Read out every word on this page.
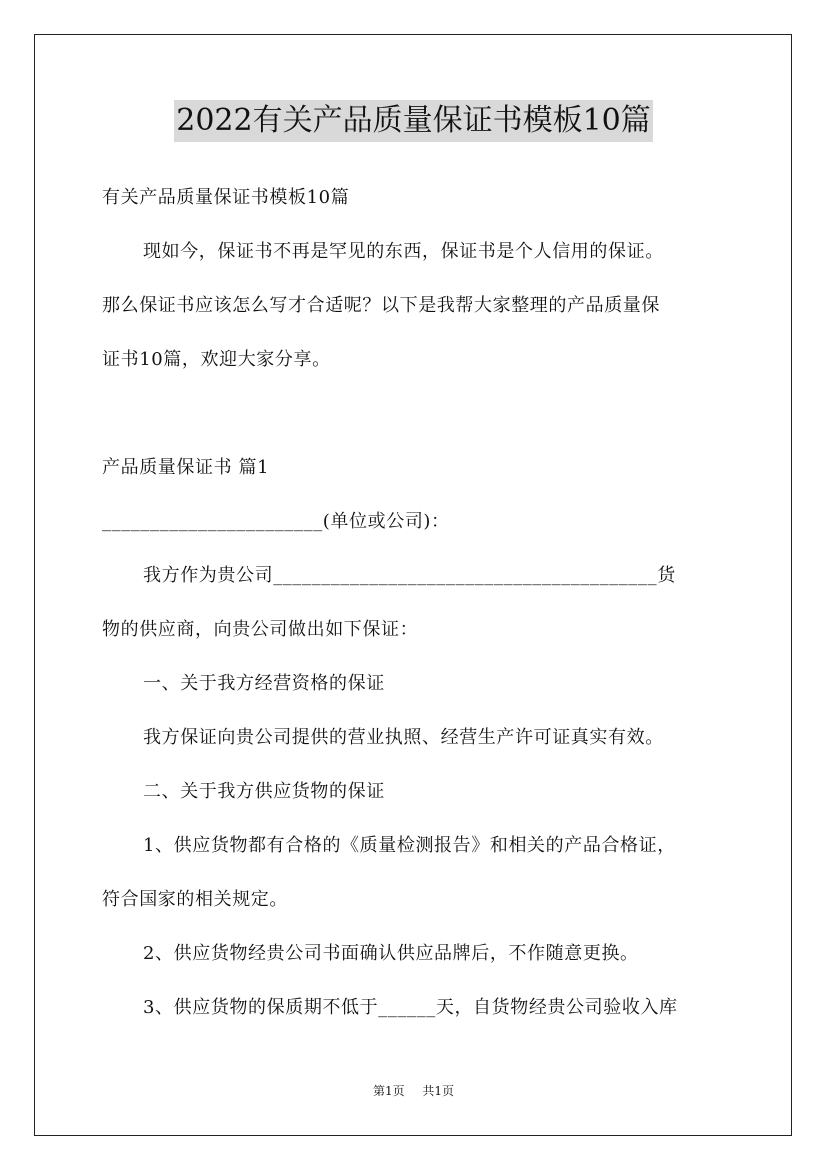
2022有关产品质量保证书模板10篇
有关产品质量保证书模板10篇
现如今，保证书不再是罕见的东西，保证书是个人信用的保证。
那么保证书应该怎么写才合适呢？以下是我帮大家整理的产品质量保
证书10篇，欢迎大家分享。
产品质量保证书 篇1
_______________________(单位或公司)：
我方作为贵公司________________________________________货
物的供应商，向贵公司做出如下保证：
一、关于我方经营资格的保证
我方保证向贵公司提供的营业执照、经营生产许可证真实有效。
二、关于我方供应货物的保证
1、供应货物都有合格的《质量检测报告》和相关的产品合格证，
符合国家的相关规定。
2、供应货物经贵公司书面确认供应品牌后，不作随意更换。
3、供应货物的保质期不低于______天，自货物经贵公司验收入库
第1页 共1页
